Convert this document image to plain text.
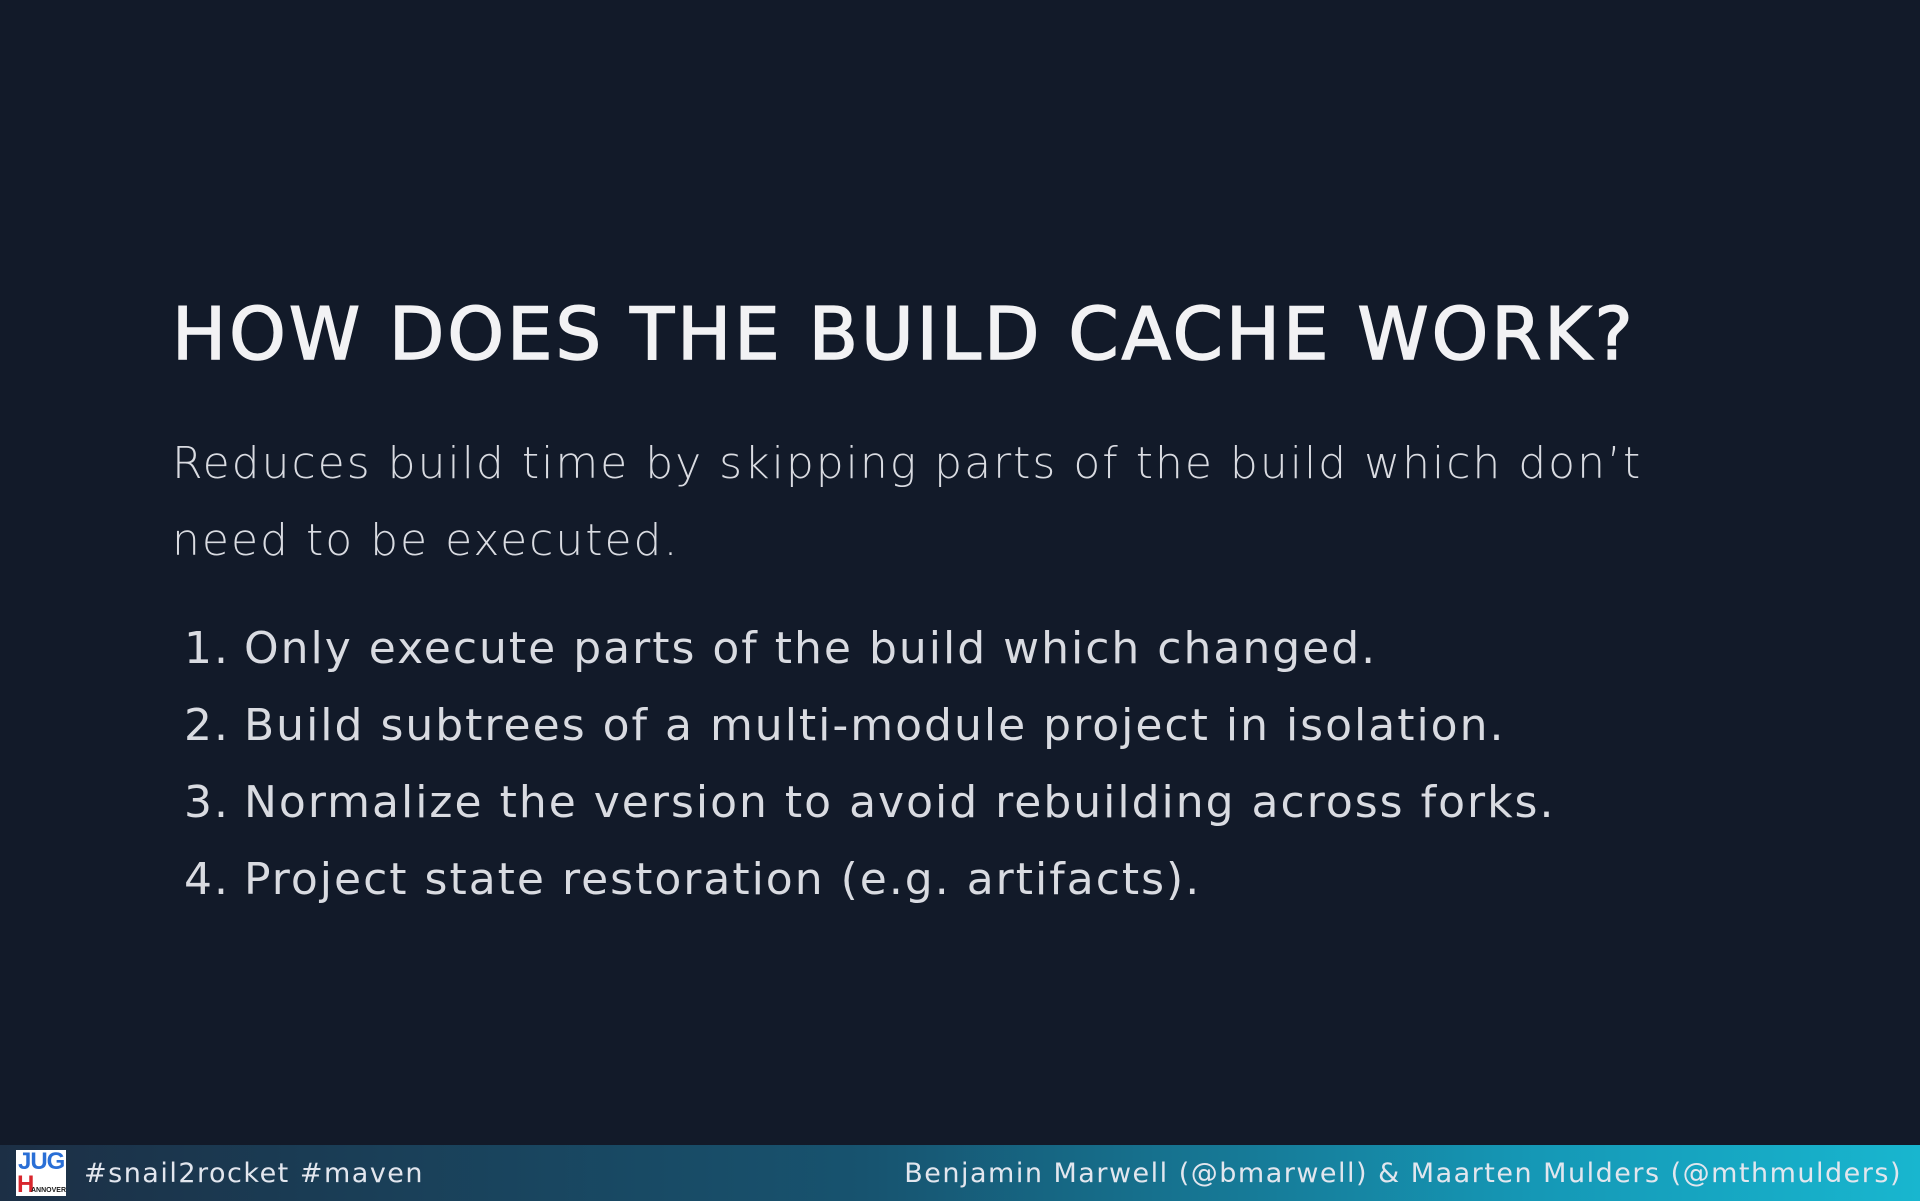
HOW DOES THE BUILD CACHE WORK?

Reduces build time by skipping parts of the build which don’t need to be executed.

1. Only execute parts of the build which changed.
2. Build subtrees of a multi-module project in isolation.
3. Normalize the version to avoid rebuilding across forks.
4. Project state restoration (e.g. artifacts).
JUG
H
ANNOVER
#snail2rocket #maven	Benjamin Marwell (@bmarwell) & Maarten Mulders (@mthmulders)
